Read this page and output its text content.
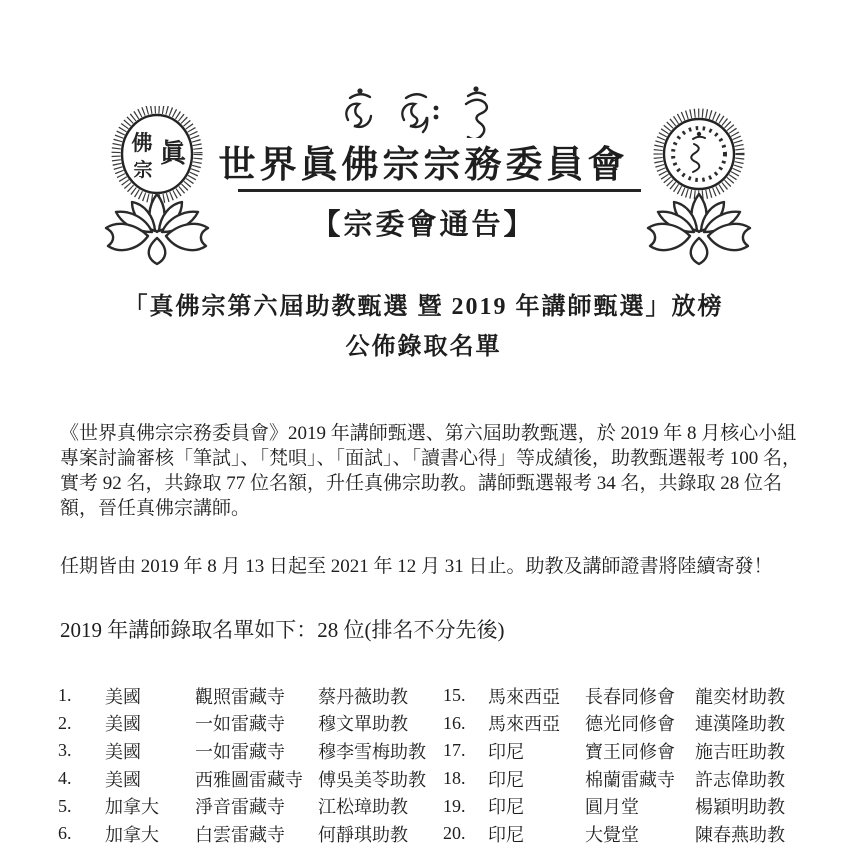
世界眞佛宗宗務委員會
【宗委會通告】
佛 眞
宗
「真佛宗第六屆助教甄選 暨 2019 年講師甄選」放榜
公佈錄取名單
《世界真佛宗宗務委員會》2019 年講師甄選、第六屆助教甄選，於 2019 年 8 月核心小組
專案討論審核「筆試」、「梵唄」、「面試」、「讀書心得」等成績後，助教甄選報考 100 名，
實考 92 名，共錄取 77 位名額，升任真佛宗助教。講師甄選報考 34 名，共錄取 28 位名
額，晉任真佛宗講師。
任期皆由 2019 年 8 月 13 日起至 2021 年 12 月 31 日止。助教及講師證書將陸續寄發！
2019 年講師錄取名單如下：28 位(排名不分先後)
1.	美國	觀照雷藏寺	蔡丹薇助教
2.	美國	一如雷藏寺	穆文單助教
3.	美國	一如雷藏寺	穆李雪梅助教
4.	美國	西雅圖雷藏寺 傅吳美苓助教
5.	加拿大	淨音雷藏寺	江松璋助教
6.	加拿大	白雲雷藏寺	何靜琪助教
15.	馬來西亞	長春同修會	龍奕材助教
16.	馬來西亞	德光同修會	連漢隆助教
17.	印尼	寶王同修會	施吉旺助教
18.	印尼	棉蘭雷藏寺	許志偉助教
19.	印尼	圓月堂	楊穎明助教
20.	印尼	大覺堂	陳春燕助教
